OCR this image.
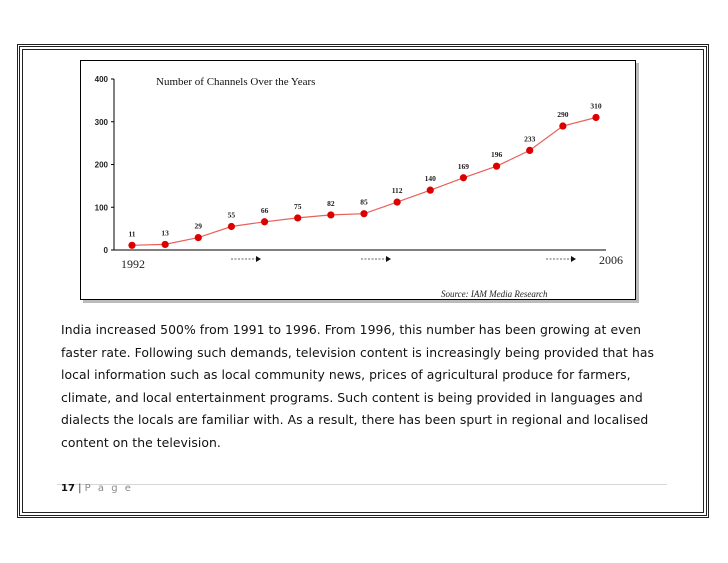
0
100
200
300
400	Number of Channels Over the Years
11	13
29
55
66	75	82	85
112
140
169
196
233
290
310
1992	2006
Source: IAM Media Research

India increased 500% from 1991 to 1996. From 1996, this number has been growing at even faster rate. Following such demands, television content is increasingly being provided that has local information such as local community news, prices of agricultural produce for farmers, climate, and local entertainment programs. Such content is being provided in languages and dialects the locals are familiar with. As a result, there has been spurt in regional and localised content on the television.

17 | P a g e
